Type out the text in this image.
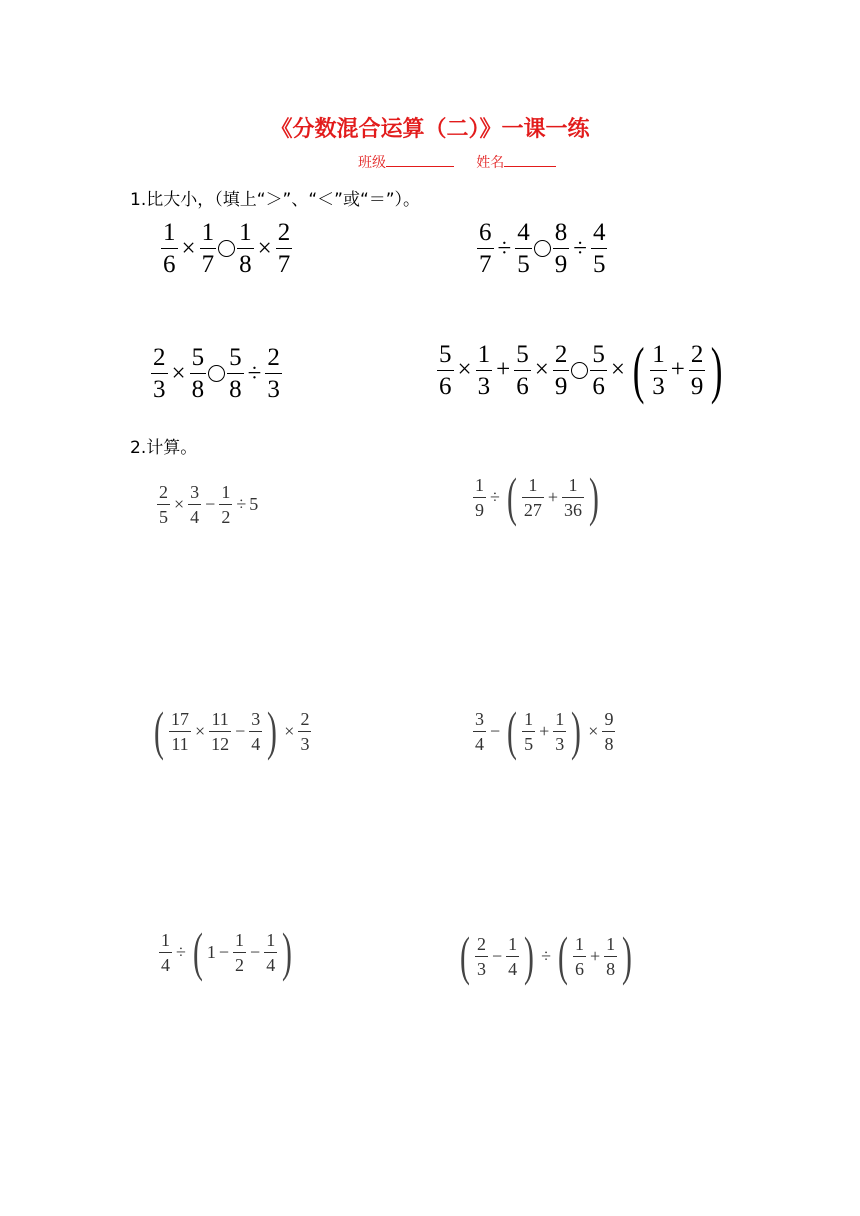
《分数混合运算（二）》一课一练
班级	姓名
1.比大小，（填上“＞”、“＜”或“＝”）。
$\frac{1}{6} \times \frac{1}{7} \frac{1}{8} \times \frac{2}{7}$	$\frac{6}{7} \div \frac{4}{5} \frac{8}{9} \div \frac{4}{5}$
$\frac{2}{3} \times \frac{5}{8} \frac{5}{8} \div \frac{2}{3}$	$\frac{5}{6} \times \frac{1}{3} + \frac{5}{6} \times \frac{2}{9} \frac{5}{6}$ × ( $\frac{1}{3} + \frac{2}{9}$ )
2.计算。
$\frac{2}{5} \times \frac{3}{4} - \frac{1}{2} \div 5$	$\frac{1}{9}$ ÷ ( $\frac{1}{27} + \frac{1}{36}$ )
( $\frac{17}{11} \times \frac{11}{12} - \frac{3}{4}$ ) × $\frac{2}{3}$	$\frac{3}{4}$ − ( $\frac{1}{5} + \frac{1}{3}$ ) × $\frac{9}{8}$
$\frac{1}{4}$ ÷ ( $1 - \frac{1}{2} - \frac{1}{4}$ )	( $\frac{2}{3} - \frac{1}{4}$ ) ÷ ( $\frac{1}{6} + \frac{1}{8}$ )
